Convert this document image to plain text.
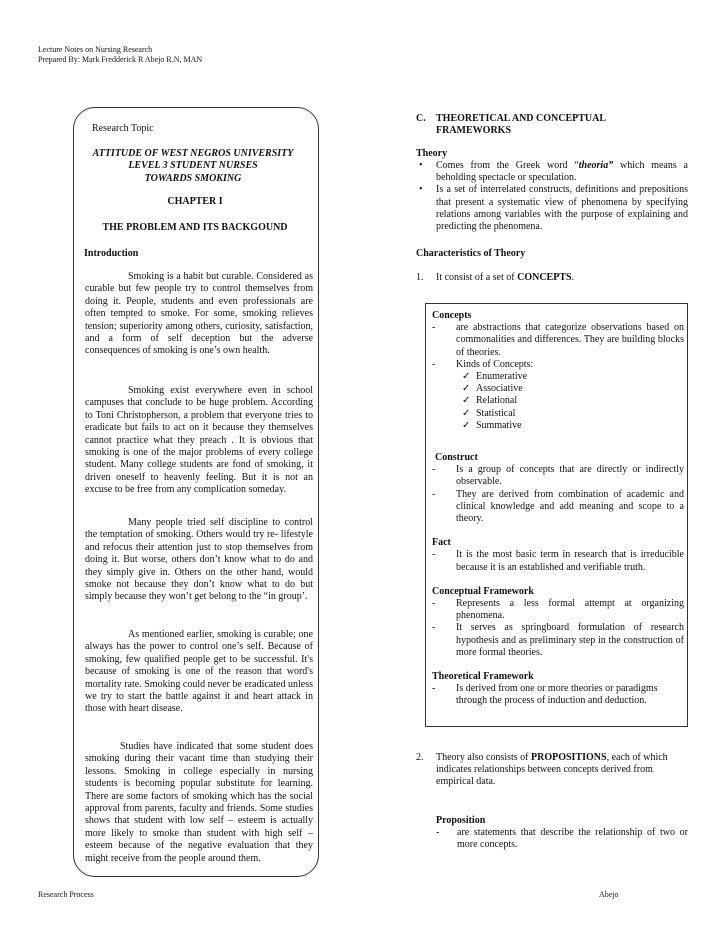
Lecture Notes on Nursing Research
Prepared By: Mark Fredderick R Abejo R.N, MAN
Research Topic
ATTITUDE OF WEST NEGROS UNIVERSITY
LEVEL 3 STUDENT NURSES
TOWARDS SMOKING
CHAPTER I
THE PROBLEM AND ITS BACKGOUND
Introduction
Smoking is a habit but curable. Considered as curable but few people try to control themselves from doing it. People, students and even professionals are often tempted to smoke. For some, smoking relieves tension; superiority among others, curiosity, satisfaction, and a form of self deception but the adverse consequences of smoking is one’s own health.
Smoking exist everywhere even in school campuses that conclude to be huge problem. According to Toni Christopherson, a problem that everyone tries to eradicate but fails to act on it because they themselves cannot practice what they preach . It is obvious that smoking is one of the major problems of every college student. Many college students are fond of smoking, it driven oneself to heavenly feeling. But it is not an excuse to be free from any complication someday.
Many people tried self discipline to control the temptation of smoking. Others would try re- lifestyle and refocus their attention just to stop themselves from doing it. But worse, others don’t know what to do and they simply give in. Others on the other hand, would smoke not because they don’t know what to do but simply because they won’t get belong to the “in group’.
As mentioned earlier, smoking is curable; one always has the power to control one’s self. Because of smoking, few qualified people get to be successful. It's because of smoking is one of the reason that word's mortality rate. Smoking could never be eradicated unless we try to start the battle against it and heart attack in those with heart disease.
Studies have indicated that some student does smoking during their vacant time than studying their lessons. Smoking in college especially in nursing students is becoming popular substitute for learning. There are some factors of smoking which has the social approval from parents, faculty and friends. Some studies shows that student with low self – esteem is actually more likely to smoke than student with high self – esteem because of the negative evaluation that they might receive from the people around them.
C. THEORETICAL AND CONCEPTUAL
FRAMEWORKS
Theory
• Comes from the Greek word “theoria” which means a beholding spectacle or speculation.
• Is a set of interrelated constructs, definitions and prepositions that present a systematic view of phenomena by specifying relations among variables with the purpose of explaining and predicting the phenomena.
Characteristics of Theory
1. It consist of a set of CONCEPTS.
Concepts
- are abstractions that categorize observations based on commonalities and differences. They are building blocks of theories.
- Kinds of Concepts:
✓ Enumerative
✓ Associative
✓ Relational
✓ Statistical
✓ Summative
Construct
- Is a group of concepts that are directly or indirectly observable.
- They are derived from combination of academic and clinical knowledge and add meaning and scope to a theory.
Fact
- It is the most basic term in research that is irreducible because it is an established and verifiable truth.
Conceptual Framework
- Represents a less formal attempt at organizing phenomena.
- It serves as springboard formulation of research hypothesis and as preliminary step in the construction of more formal theories.
Theoretical Framework
- Is derived from one or more theories or paradigms through the process of induction and deduction.
2. Theory also consists of PROPOSITIONS, each of which indicates relationships between concepts derived from empirical data.
Proposition
- are statements that describe the relationship of two or more concepts.
Research Process	Abejo
